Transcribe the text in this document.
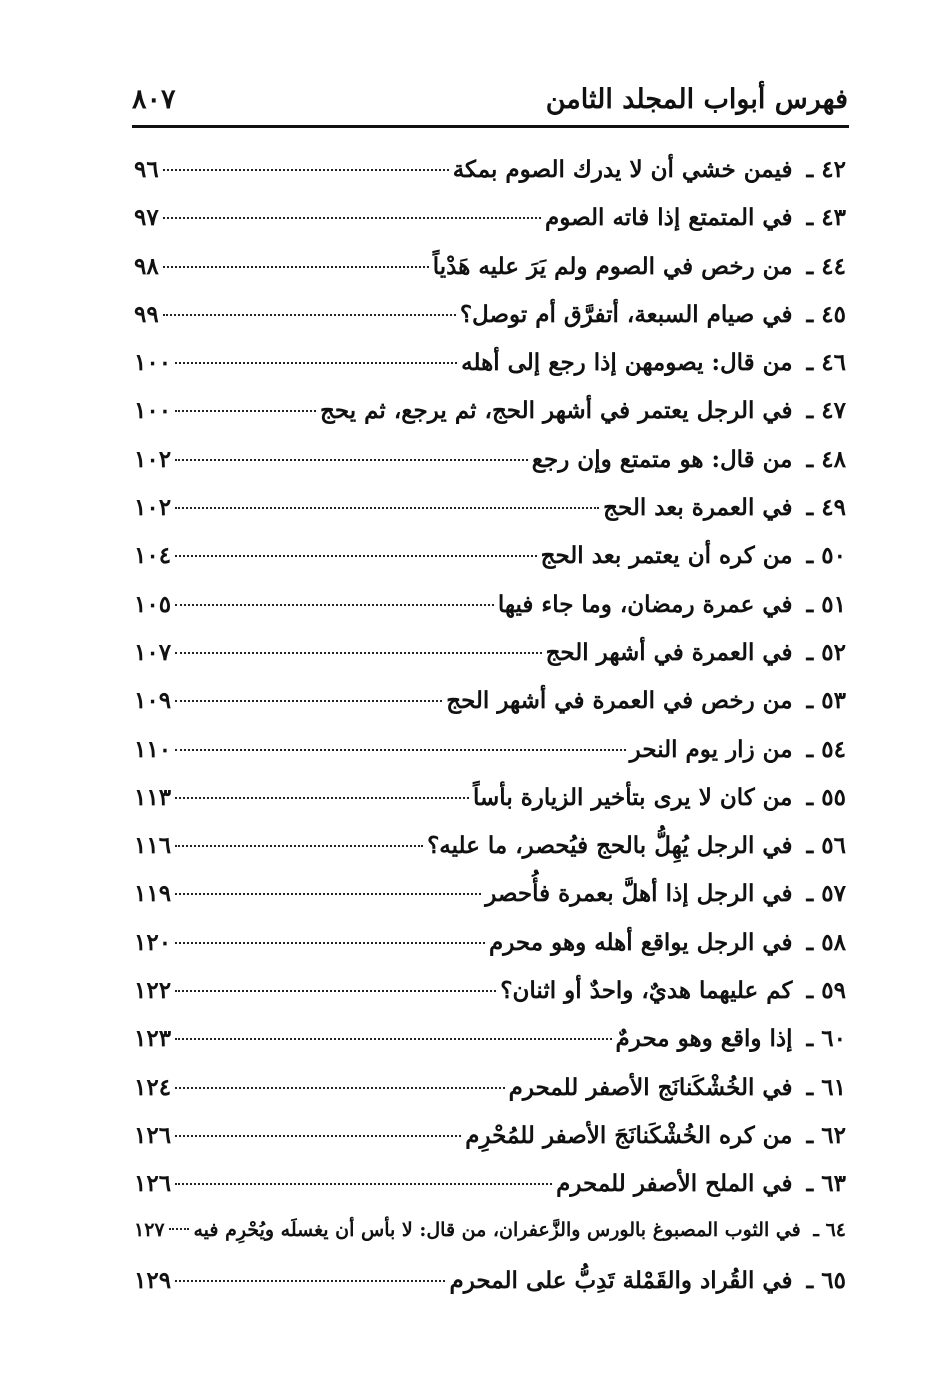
فهرس أبواب المجلد الثامن
٨٠٧
٤٢
ـ
فيمن خشي أن لا يدرك الصوم بمكة
٩٦
٤٣
ـ
في المتمتع إذا فاته الصوم
٩٧
٤٤
ـ
من رخص في الصوم ولم يَرَ عليه هَدْياً
٩٨
٤٥
ـ
في صيام السبعة، أتفرَّق أم توصل؟
٩٩
٤٦
ـ
من قال: يصومهن إذا رجع إلى أهله
١٠٠
٤٧
ـ
في الرجل يعتمر في أشهر الحج، ثم يرجع، ثم يحج
١٠٠
٤٨
ـ
من قال: هو متمتع وإن رجع
١٠٢
٤٩
ـ
في العمرة بعد الحج
١٠٢
٥٠
ـ
من كره أن يعتمر بعد الحج
١٠٤
٥١
ـ
في عمرة رمضان، وما جاء فيها
١٠٥
٥٢
ـ
في العمرة في أشهر الحج
١٠٧
٥٣
ـ
من رخص في العمرة في أشهر الحج
١٠٩
٥٤
ـ
من زار يوم النحر
١١٠
٥٥
ـ
من كان لا يرى بتأخير الزيارة بأساً
١١٣
٥٦
ـ
في الرجل يُهِلُّ بالحج فيُحصر، ما عليه؟
١١٦
٥٧
ـ
في الرجل إذا أهلَّ بعمرة فأُحصر
١١٩
٥٨
ـ
في الرجل يواقع أهله وهو محرم
١٢٠
٥٩
ـ
كم عليهما هديٌ، واحدٌ أو اثنان؟
١٢٢
٦٠
ـ
إذا واقع وهو محرمٌ
١٢٣
٦١
ـ
في الخُشْكَنانَج الأصفر للمحرم
١٢٤
٦٢
ـ
من كره الخُشْكَنانَجَ الأصفر للمُحْرِم
١٢٦
٦٣
ـ
في الملح الأصفر للمحرم
١٢٦
٦٤
ـ
في الثوب المصبوغ بالورس والزَّعفران، من قال: لا بأس أن يغسلَه ويُحْرِم فيه
١٢٧
٦٥
ـ
في القُراد والقَمْلة تَدِبُّ على المحرم
١٢٩
